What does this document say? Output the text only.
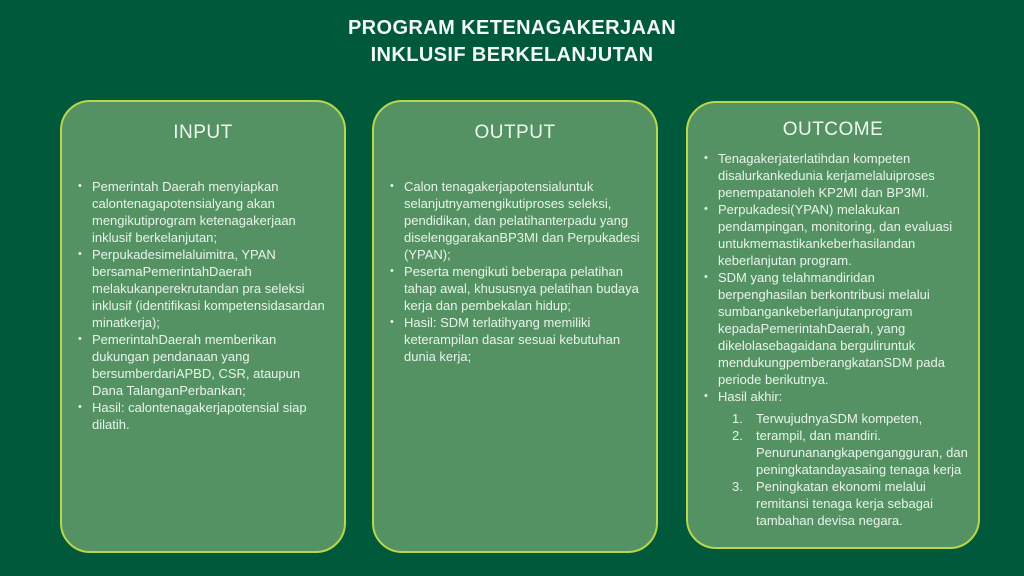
PROGRAM KETENAGAKERJAAN
INKLUSIF BERKELANJUTAN
INPUT
• Pemerintah Daerah menyiapkan calontenagapotensialyang akan mengikutiprogram ketenagakerjaan inklusif berkelanjutan;
• Perpukadesimelaluimitra, YPAN bersamaPemerintahDaerah melakukanperekrutandan pra seleksi inklusif (identifikasi kompetensidasardan minatkerja);
• PemerintahDaerah memberikan dukungan pendanaan yang bersumberdariAPBD, CSR, ataupun Dana TalanganPerbankan;
• Hasil: calontenagakerjapotensial siap dilatih.
OUTPUT
• Calon tenagakerjapotensialuntuk selanjutnyamengikutiproses seleksi, pendidikan, dan pelatihanterpadu yang diselenggarakanBP3MI dan Perpukadesi (YPAN);
• Peserta mengikuti beberapa pelatihan tahap awal, khususnya pelatihan budaya kerja dan pembekalan hidup;
• Hasil: SDM terlatihyang memiliki keterampilan dasar sesuai kebutuhan dunia kerja;
OUTCOME
• Tenagakerjaterlatihdan kompeten disalurkankedunia kerjamelaluiproses penempatanoleh KP2MI dan BP3MI.
• Perpukadesi(YPAN) melakukan pendampingan, monitoring, dan evaluasi untukmemastikankeberhasilandan keberlanjutan program.
• SDM yang telahmandiridan berpenghasilan berkontribusi melalui sumbangankeberlanjutanprogram kepadaPemerintahDaerah, yang dikelolasebagaidana berguliruntuk mendukungpemberangkatanSDM pada periode berikutnya.
• Hasil akhir:
1.	TerwujudnyaSDM kompeten,
2.	terampil, dan mandiri. Penurunanangkapengangguran, dan peningkatandayasaing tenaga kerja
3.	Peningkatan ekonomi melalui remitansi tenaga kerja sebagai tambahan devisa negara.
